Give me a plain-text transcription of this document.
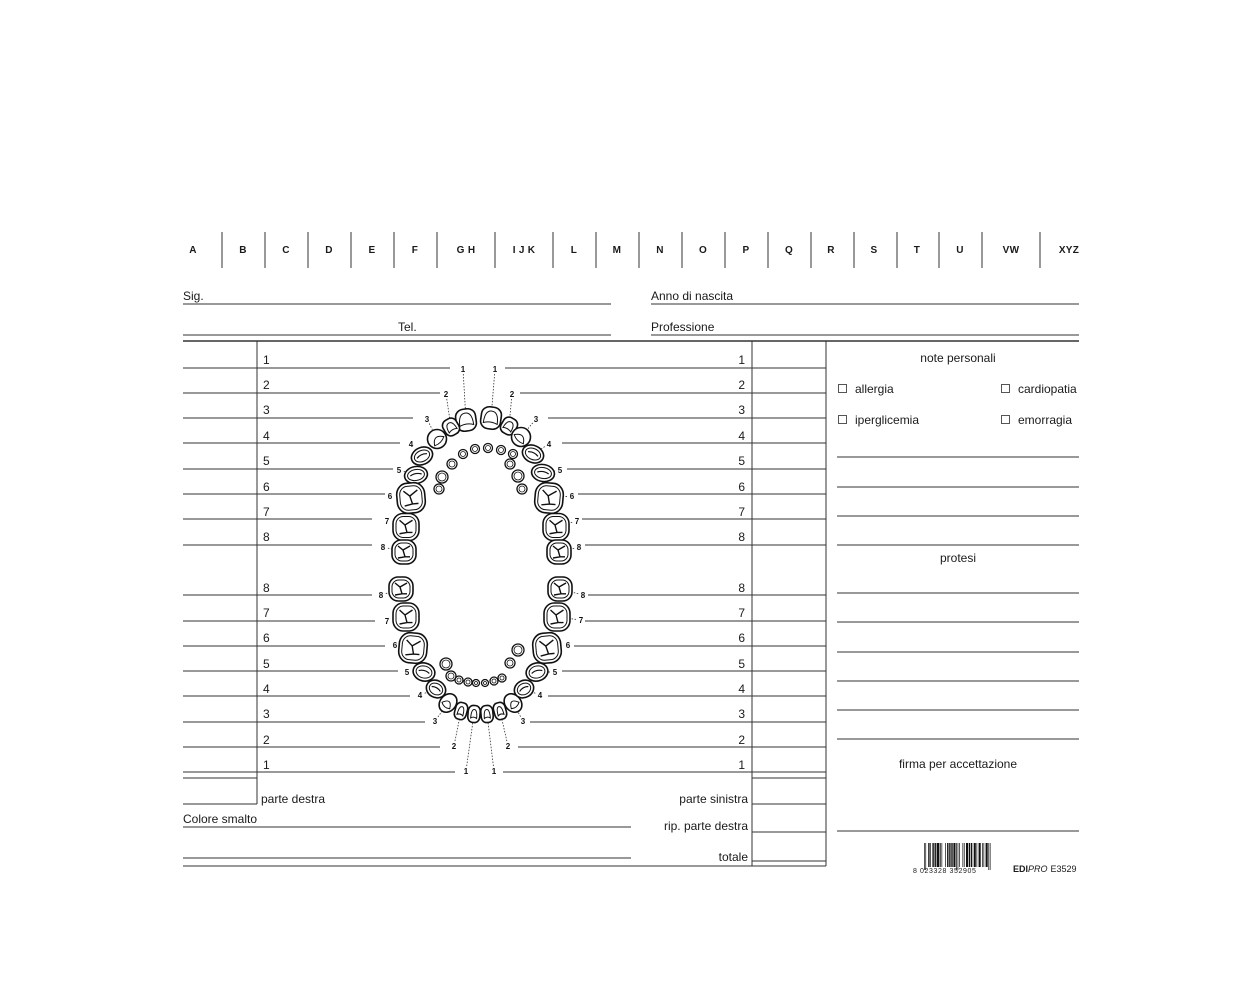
1
2
3
4
5
6
7
8
1
2
3
4
5
6
7
8
1
2
3
4
5
6
7
8
1
2
3
4
5
6
7
8
Sig.
Tel.
Anno di nascita
Professione
note personali
allergia	cardiopatia
iperglicemia	emorragia
protesi
firma per accettazione
parte destra	parte sinistra
Colore smalto	rip. parte destra
totale
8 023328 352905	EDIPRO E3529
A	B	C	D	E	F	G H	I J K	L	M	N	O	P	Q	R	S	T	U	VW	XYZ
1	1
2	2
3	3
4	4
5	5
6	6
7	7
8	8
8	8
7	7
6	6
5	5
4	4
3	3
2	2
1	1
